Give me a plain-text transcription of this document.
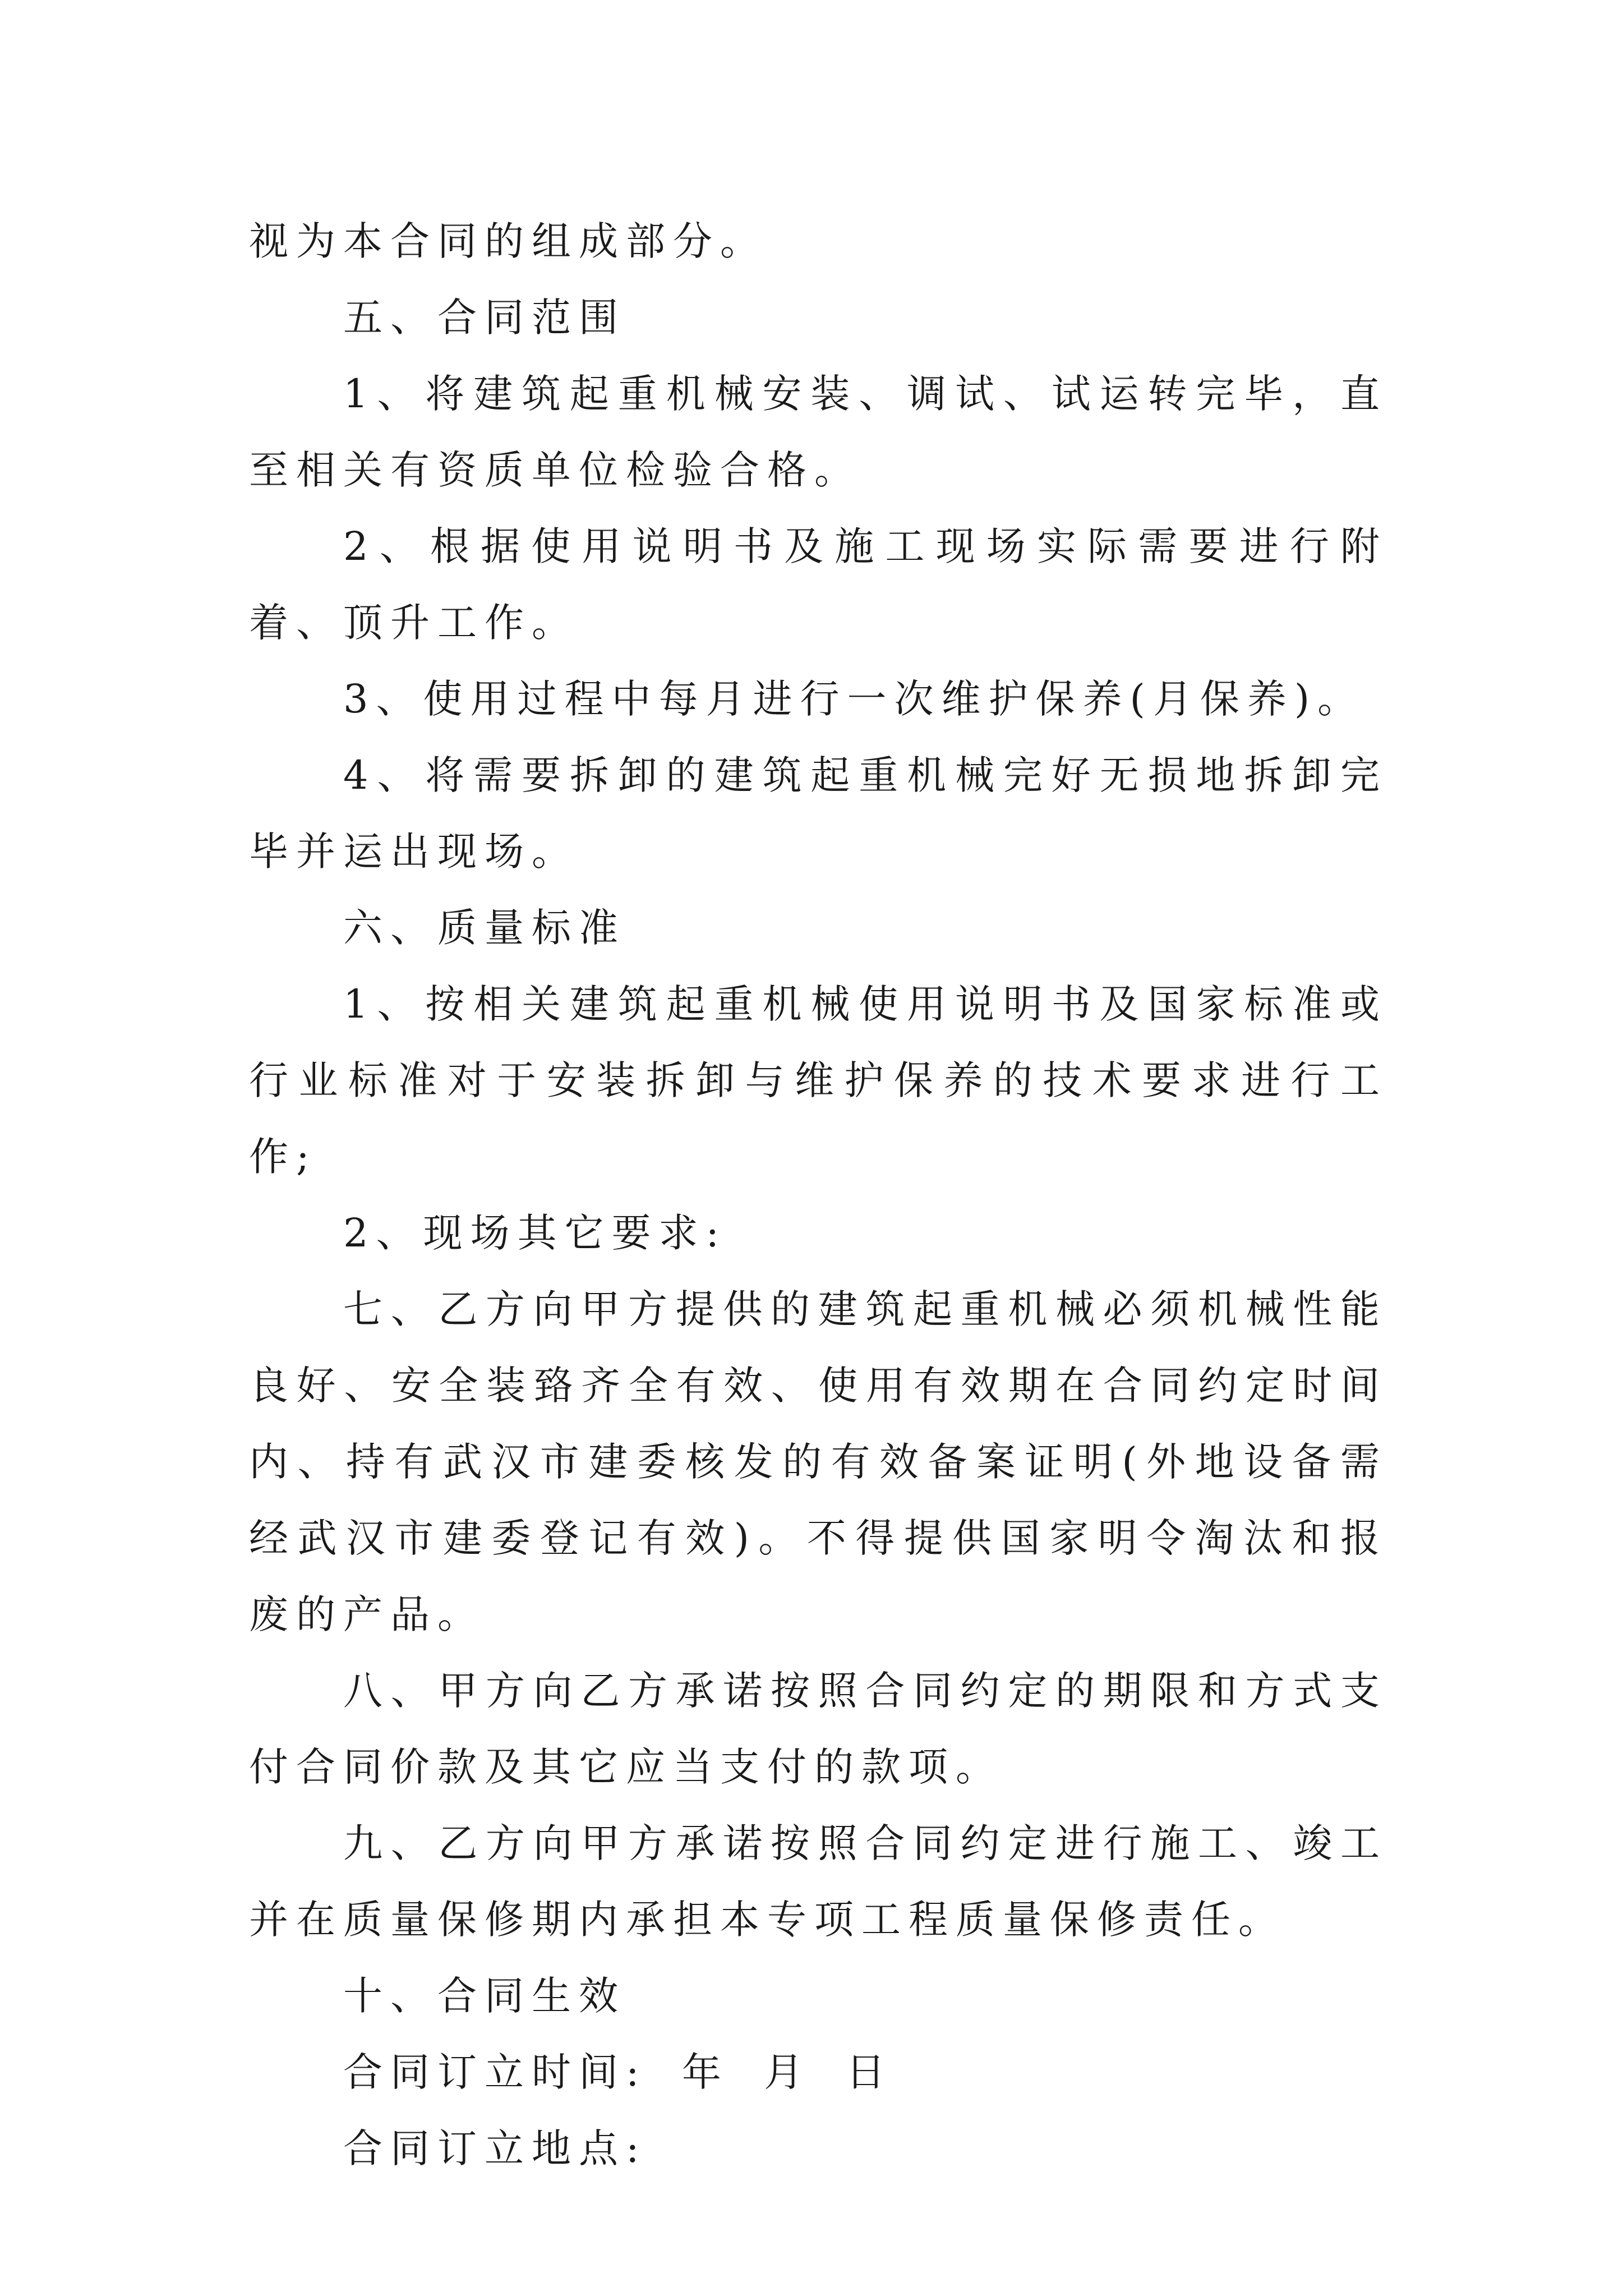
视为本合同的组成部分。

五、合同范围

1、将建筑起重机械安装、调试、试运转完毕，直至相关有资质单位检验合格。

2、根据使用说明书及施工现场实际需要进行附着、顶升工作。

3、使用过程中每月进行一次维护保养(月保养)。

4、将需要拆卸的建筑起重机械完好无损地拆卸完毕并运出现场。

六、质量标准

1、按相关建筑起重机械使用说明书及国家标准或行业标准对于安装拆卸与维护保养的技术要求进行工作;

2、现场其它要求:

七、乙方向甲方提供的建筑起重机械必须机械性能良好、安全装臵齐全有效、使用有效期在合同约定时间内、持有武汉市建委核发的有效备案证明(外地设备需经武汉市建委登记有效)。不得提供国家明令淘汰和报废的产品。

八、甲方向乙方承诺按照合同约定的期限和方式支付合同价款及其它应当支付的款项。

九、乙方向甲方承诺按照合同约定进行施工、竣工并在质量保修期内承担本专项工程质量保修责任。

十、合同生效

合同订立时间: 年 月 日

合同订立地点:
